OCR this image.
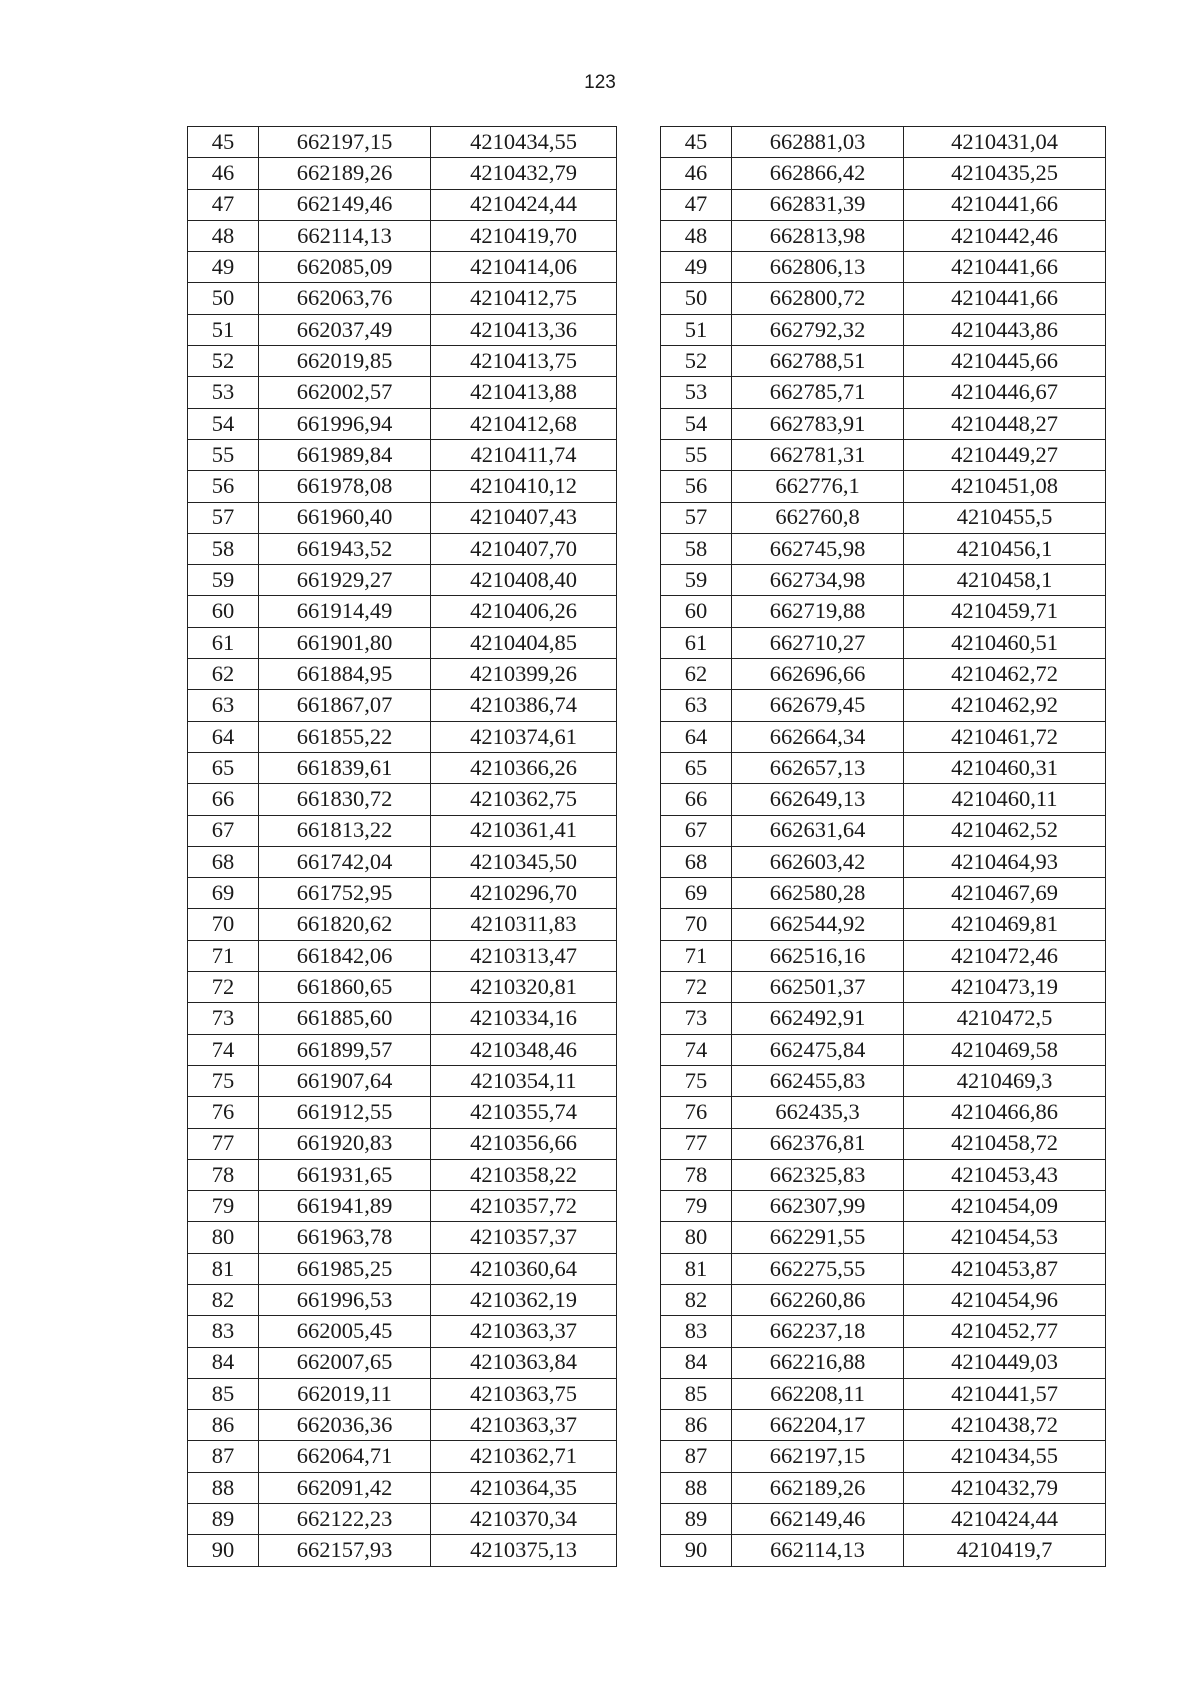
123
45	662197,15	4210434,55
46	662189,26	4210432,79
47	662149,46	4210424,44
48	662114,13	4210419,70
49	662085,09	4210414,06
50	662063,76	4210412,75
51	662037,49	4210413,36
52	662019,85	4210413,75
53	662002,57	4210413,88
54	661996,94	4210412,68
55	661989,84	4210411,74
56	661978,08	4210410,12
57	661960,40	4210407,43
58	661943,52	4210407,70
59	661929,27	4210408,40
60	661914,49	4210406,26
61	661901,80	4210404,85
62	661884,95	4210399,26
63	661867,07	4210386,74
64	661855,22	4210374,61
65	661839,61	4210366,26
66	661830,72	4210362,75
67	661813,22	4210361,41
68	661742,04	4210345,50
69	661752,95	4210296,70
70	661820,62	4210311,83
71	661842,06	4210313,47
72	661860,65	4210320,81
73	661885,60	4210334,16
74	661899,57	4210348,46
75	661907,64	4210354,11
76	661912,55	4210355,74
77	661920,83	4210356,66
78	661931,65	4210358,22
79	661941,89	4210357,72
80	661963,78	4210357,37
81	661985,25	4210360,64
82	661996,53	4210362,19
83	662005,45	4210363,37
84	662007,65	4210363,84
85	662019,11	4210363,75
86	662036,36	4210363,37
87	662064,71	4210362,71
88	662091,42	4210364,35
89	662122,23	4210370,34
90	662157,93	4210375,13
45	662881,03	4210431,04
46	662866,42	4210435,25
47	662831,39	4210441,66
48	662813,98	4210442,46
49	662806,13	4210441,66
50	662800,72	4210441,66
51	662792,32	4210443,86
52	662788,51	4210445,66
53	662785,71	4210446,67
54	662783,91	4210448,27
55	662781,31	4210449,27
56	662776,1	4210451,08
57	662760,8	4210455,5
58	662745,98	4210456,1
59	662734,98	4210458,1
60	662719,88	4210459,71
61	662710,27	4210460,51
62	662696,66	4210462,72
63	662679,45	4210462,92
64	662664,34	4210461,72
65	662657,13	4210460,31
66	662649,13	4210460,11
67	662631,64	4210462,52
68	662603,42	4210464,93
69	662580,28	4210467,69
70	662544,92	4210469,81
71	662516,16	4210472,46
72	662501,37	4210473,19
73	662492,91	4210472,5
74	662475,84	4210469,58
75	662455,83	4210469,3
76	662435,3	4210466,86
77	662376,81	4210458,72
78	662325,83	4210453,43
79	662307,99	4210454,09
80	662291,55	4210454,53
81	662275,55	4210453,87
82	662260,86	4210454,96
83	662237,18	4210452,77
84	662216,88	4210449,03
85	662208,11	4210441,57
86	662204,17	4210438,72
87	662197,15	4210434,55
88	662189,26	4210432,79
89	662149,46	4210424,44
90	662114,13	4210419,7
